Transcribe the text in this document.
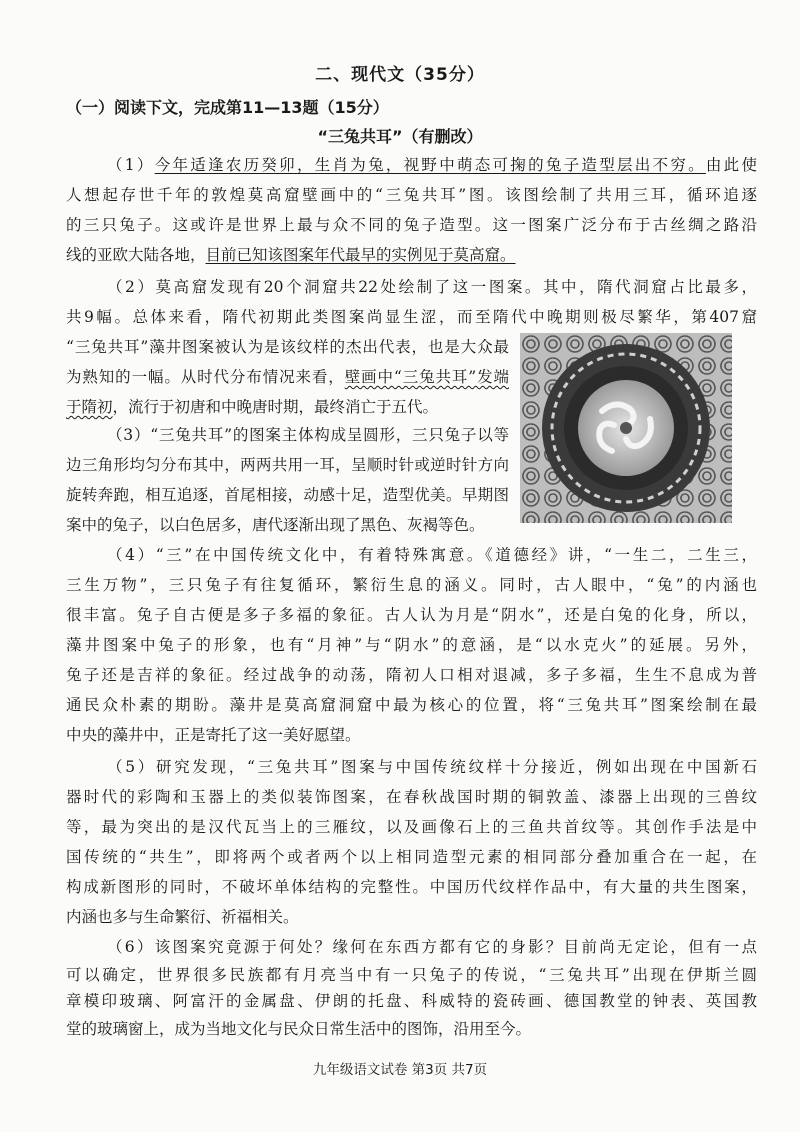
二、现代文（35分）
（一）阅读下文，完成第11—13题（15分）
“三兔共耳”（有删改）
（1）今年适逢农历癸卯，生肖为兔，视野中萌态可掬的兔子造型层出不穷。由此使
人想起存世千年的敦煌莫高窟壁画中的“三兔共耳”图。该图绘制了共用三耳，循环追逐
的三只兔子。这或许是世界上最与众不同的兔子造型。这一图案广泛分布于古丝绸之路沿
线的亚欧大陆各地，目前已知该图案年代最早的实例见于莫高窟。
（2）莫高窟发现有20个洞窟共22处绘制了这一图案。其中，隋代洞窟占比最多，
共9幅。总体来看，隋代初期此类图案尚显生涩，而至隋代中晚期则极尽繁华，第407窟
“三兔共耳”藻井图案被认为是该纹样的杰出代表，也是大众最
为熟知的一幅。从时代分布情况来看，壁画中“三兔共耳”发端
于隋初，流行于初唐和中晚唐时期，最终消亡于五代。
（3）“三兔共耳”的图案主体构成呈圆形，三只兔子以等
边三角形均匀分布其中，两两共用一耳，呈顺时针或逆时针方向
旋转奔跑，相互追逐，首尾相接，动感十足，造型优美。早期图
案中的兔子，以白色居多，唐代逐渐出现了黑色、灰褐等色。
（4）“三”在中国传统文化中，有着特殊寓意。《道德经》讲，“一生二，二生三，
三生万物”，三只兔子有往复循环，繁衍生息的涵义。同时，古人眼中，“兔”的内涵也
很丰富。兔子自古便是多子多福的象征。古人认为月是“阴水”，还是白兔的化身，所以，
藻井图案中兔子的形象，也有“月神”与“阴水”的意涵，是“以水克火”的延展。另外，
兔子还是吉祥的象征。经过战争的动荡，隋初人口相对退减，多子多福，生生不息成为普
通民众朴素的期盼。藻井是莫高窟洞窟中最为核心的位置，将“三兔共耳”图案绘制在最
中央的藻井中，正是寄托了这一美好愿望。
（5）研究发现，“三兔共耳”图案与中国传统纹样十分接近，例如出现在中国新石
器时代的彩陶和玉器上的类似装饰图案，在春秋战国时期的铜敦盖、漆器上出现的三兽纹
等，最为突出的是汉代瓦当上的三雁纹，以及画像石上的三鱼共首纹等。其创作手法是中
国传统的“共生”，即将两个或者两个以上相同造型元素的相同部分叠加重合在一起，在
构成新图形的同时，不破坏单体结构的完整性。中国历代纹样作品中，有大量的共生图案，
内涵也多与生命繁衍、祈福相关。
（6）该图案究竟源于何处？缘何在东西方都有它的身影？目前尚无定论，但有一点
可以确定，世界很多民族都有月亮当中有一只兔子的传说，“三兔共耳”出现在伊斯兰圆
章模印玻璃、阿富汗的金属盘、伊朗的托盘、科威特的瓷砖画、德国教堂的钟表、英国教
堂的玻璃窗上，成为当地文化与民众日常生活中的图饰，沿用至今。
九年级语文试卷 第3页 共7页
